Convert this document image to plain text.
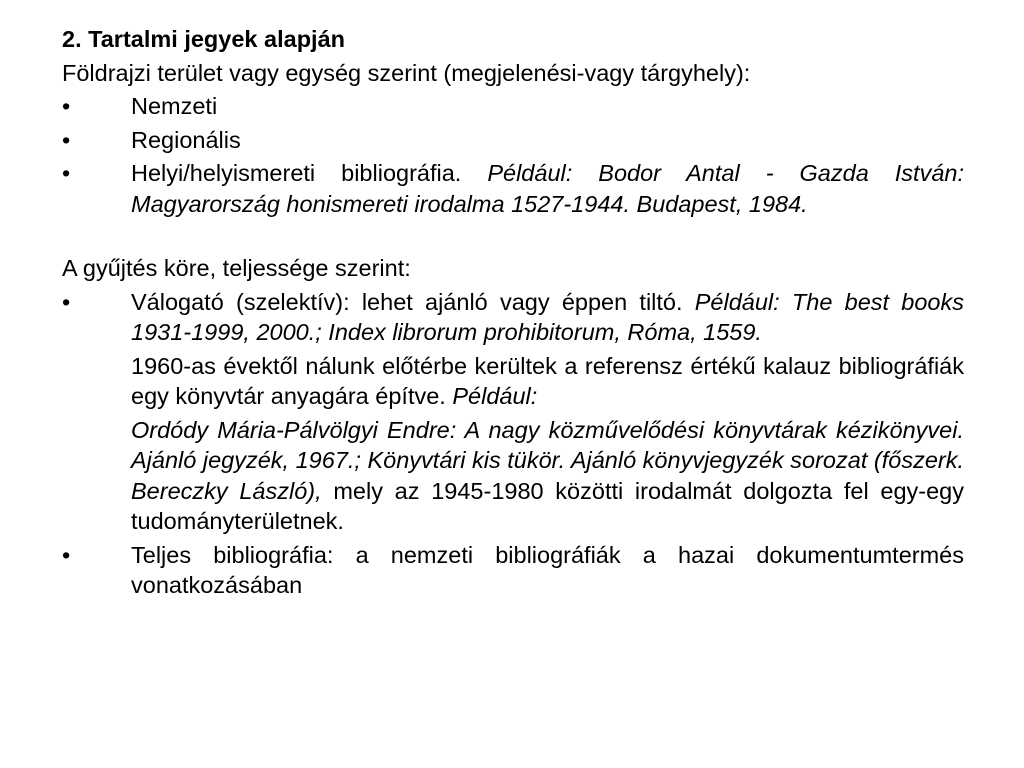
2. Tartalmi jegyek alapján
Földrajzi terület vagy egység szerint (megjelenési-vagy tárgyhely):
•	Nemzeti
•	Regionális
•	Helyi/helyismereti bibliográfia. Például: Bodor Antal - Gazda István: Magyarország honismereti irodalma 1527-1944. Budapest, 1984.
A gyűjtés köre, teljessége szerint:
•	Válogató (szelektív): lehet ajánló vagy éppen tiltó. Például: The best books 1931-1999, 2000.; Index librorum prohibitorum, Róma, 1559.
1960-as évektől nálunk előtérbe kerültek a referensz értékű kalauz bibliográfiák egy könyvtár anyagára építve. Például:
Ordódy Mária-Pálvölgyi Endre: A nagy közművelődési könyvtárak kézikönyvei. Ajánló jegyzék, 1967.; Könyvtári kis tükör. Ajánló könyvjegyzék sorozat (főszerk. Bereczky László), mely az 1945-1980 közötti irodalmát dolgozta fel egy-egy tudományterületnek.
•	Teljes bibliográfia: a nemzeti bibliográfiák a hazai dokumentumtermés vonatkozásában
